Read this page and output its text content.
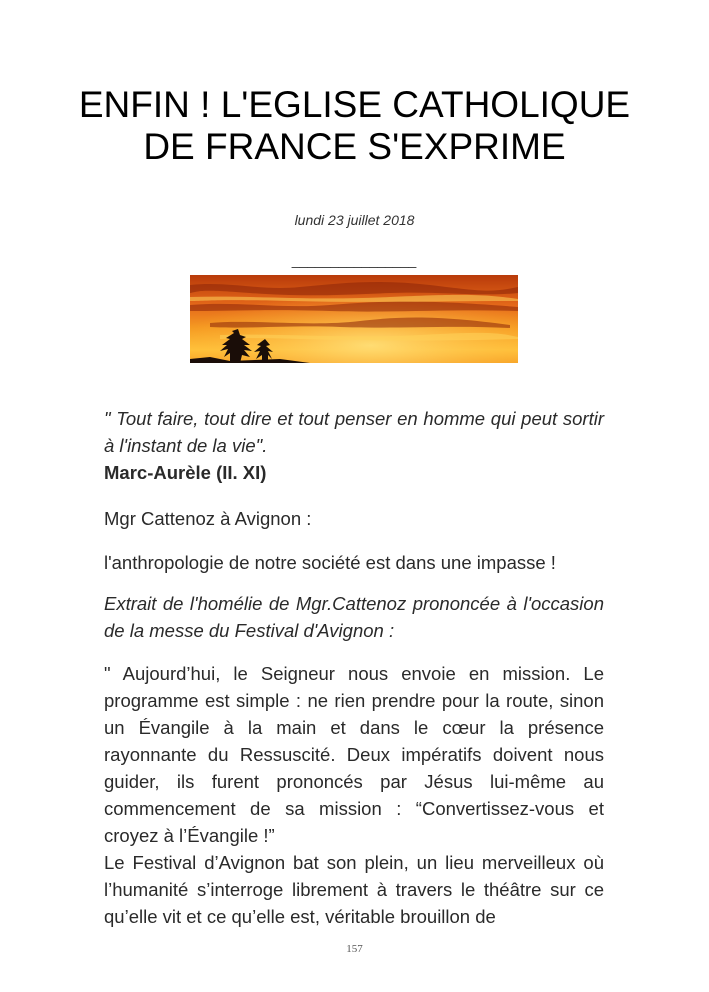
ENFIN ! L'EGLISE CATHOLIQUE DE FRANCE S'EXPRIME
lundi 23 juillet 2018
________________

" Tout faire, tout dire et tout penser en homme qui peut sortir à l'instant de la vie".

Marc-Aurèle (II. XI)

Mgr Cattenoz à Avignon :

l'anthropologie de notre société est dans une impasse !

Extrait de l'homélie de Mgr.Cattenoz prononcée à l'occasion de la messe du Festival d'Avignon :

" Aujourd’hui, le Seigneur nous envoie en mission. Le programme est simple : ne rien prendre pour la route, sinon un Évangile à la main et dans le cœur la présence rayonnante du Ressuscité. Deux impératifs doivent nous guider, ils furent prononcés par Jésus lui-même au commencement de sa mission : “Convertissez-vous et croyez à l’Évangile !”
Le Festival d’Avignon bat son plein, un lieu merveilleux où l’humanité s’interroge librement à travers le théâtre sur ce qu’elle vit et ce qu’elle est, véritable brouillon de
157
